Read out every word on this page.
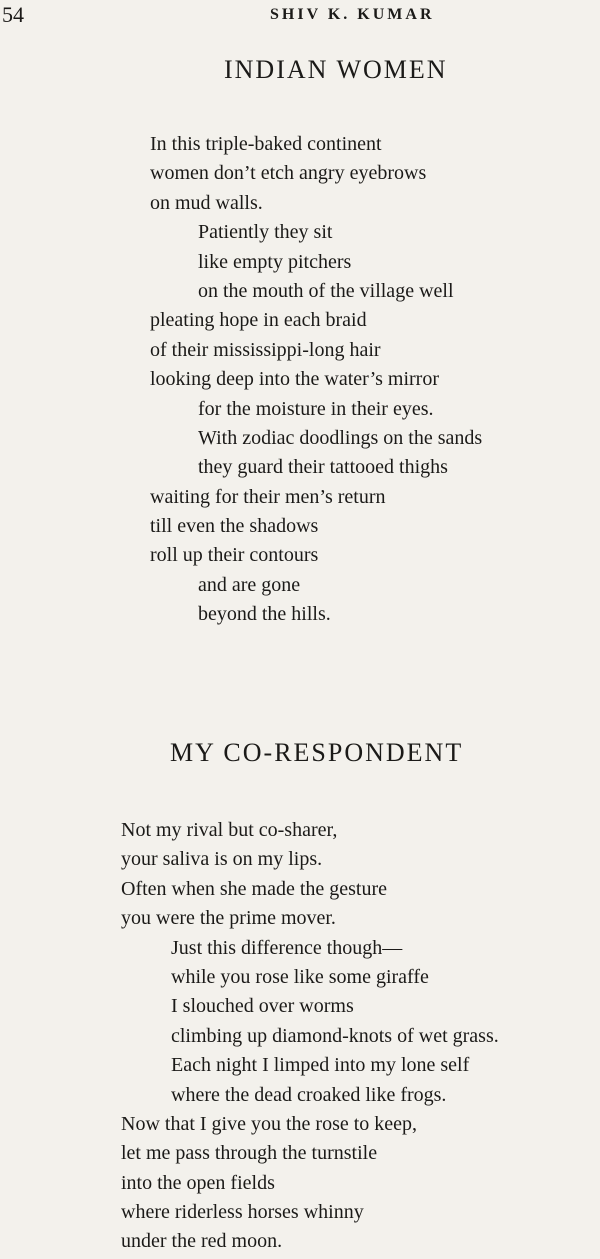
54	SHIV K. KUMAR
INDIAN WOMEN
In this triple-baked continent
women don’t etch angry eyebrows
on mud walls.
Patiently they sit
like empty pitchers
on the mouth of the village well
pleating hope in each braid
of their mississippi-long hair
looking deep into the water’s mirror
for the moisture in their eyes.
With zodiac doodlings on the sands
they guard their tattooed thighs
waiting for their men’s return
till even the shadows
roll up their contours
and are gone
beyond the hills.
MY CO-RESPONDENT
Not my rival but co-sharer,
your saliva is on my lips.
Often when she made the gesture
you were the prime mover.
Just this difference though—
while you rose like some giraffe
I slouched over worms
climbing up diamond-knots of wet grass.
Each night I limped into my lone self
where the dead croaked like frogs.
Now that I give you the rose to keep,
let me pass through the turnstile
into the open fields
where riderless horses whinny
under the red moon.
